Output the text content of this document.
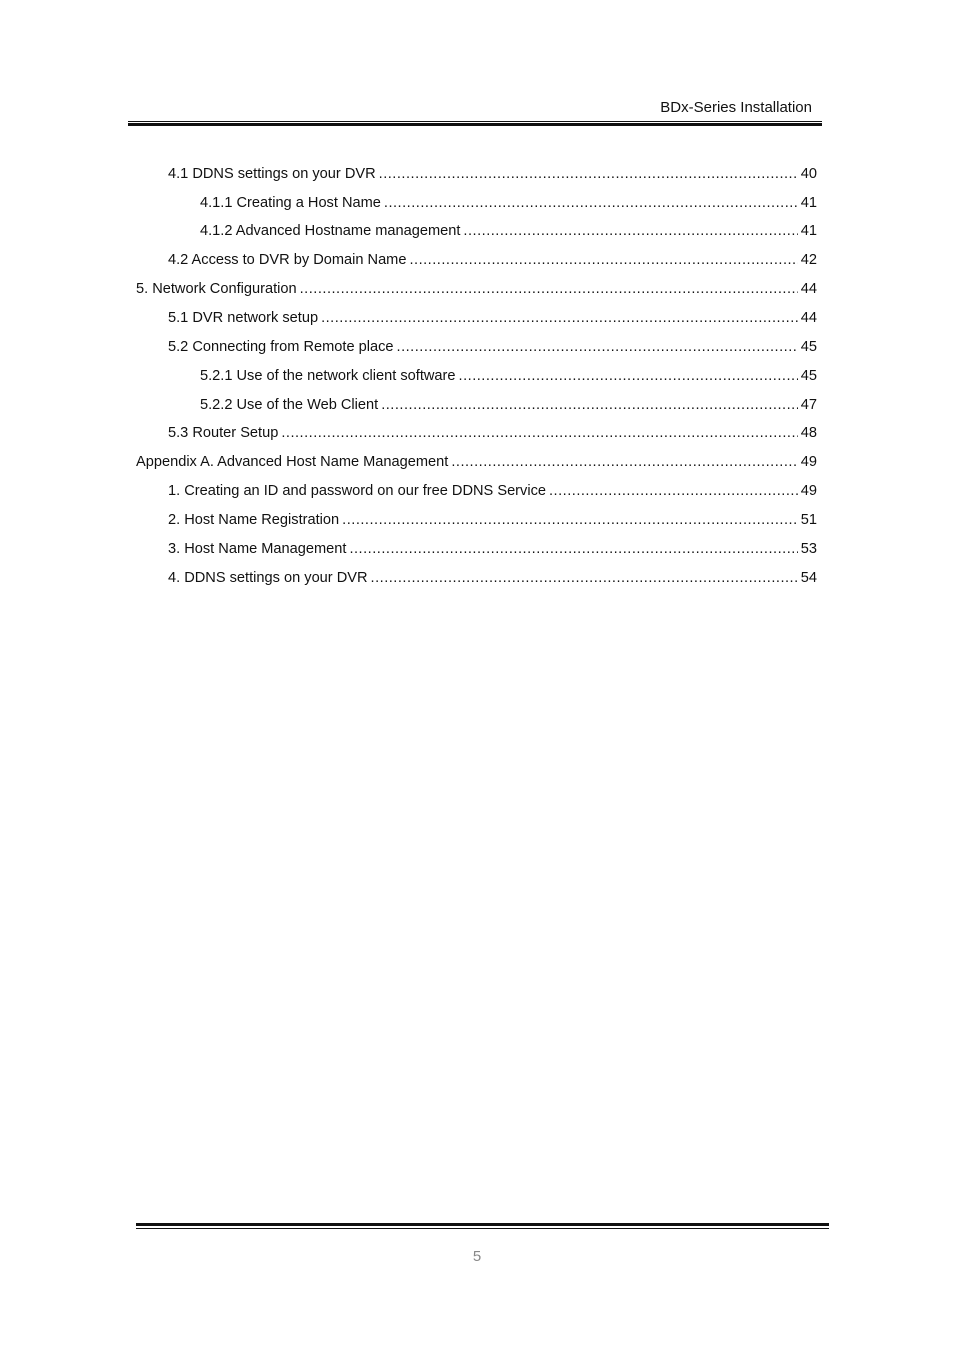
BDx-Series Installation
4.1 DDNS settings on your DVR .....	40
4.1.1 Creating a Host Name .....	41
4.1.2 Advanced Hostname management .....	41
4.2 Access to DVR by Domain Name .....	42
5. Network Configuration .....	44
5.1 DVR network setup .....	44
5.2 Connecting from Remote place .....	45
5.2.1 Use of the network client software .....	45
5.2.2 Use of the Web Client .....	47
5.3 Router Setup .....	48
Appendix A. Advanced Host Name Management .....	49
1. Creating an ID and password on our free DDNS Service .....	49
2. Host Name Registration .....	51
3. Host Name Management .....	53
4. DDNS settings on your DVR .....	54
5
